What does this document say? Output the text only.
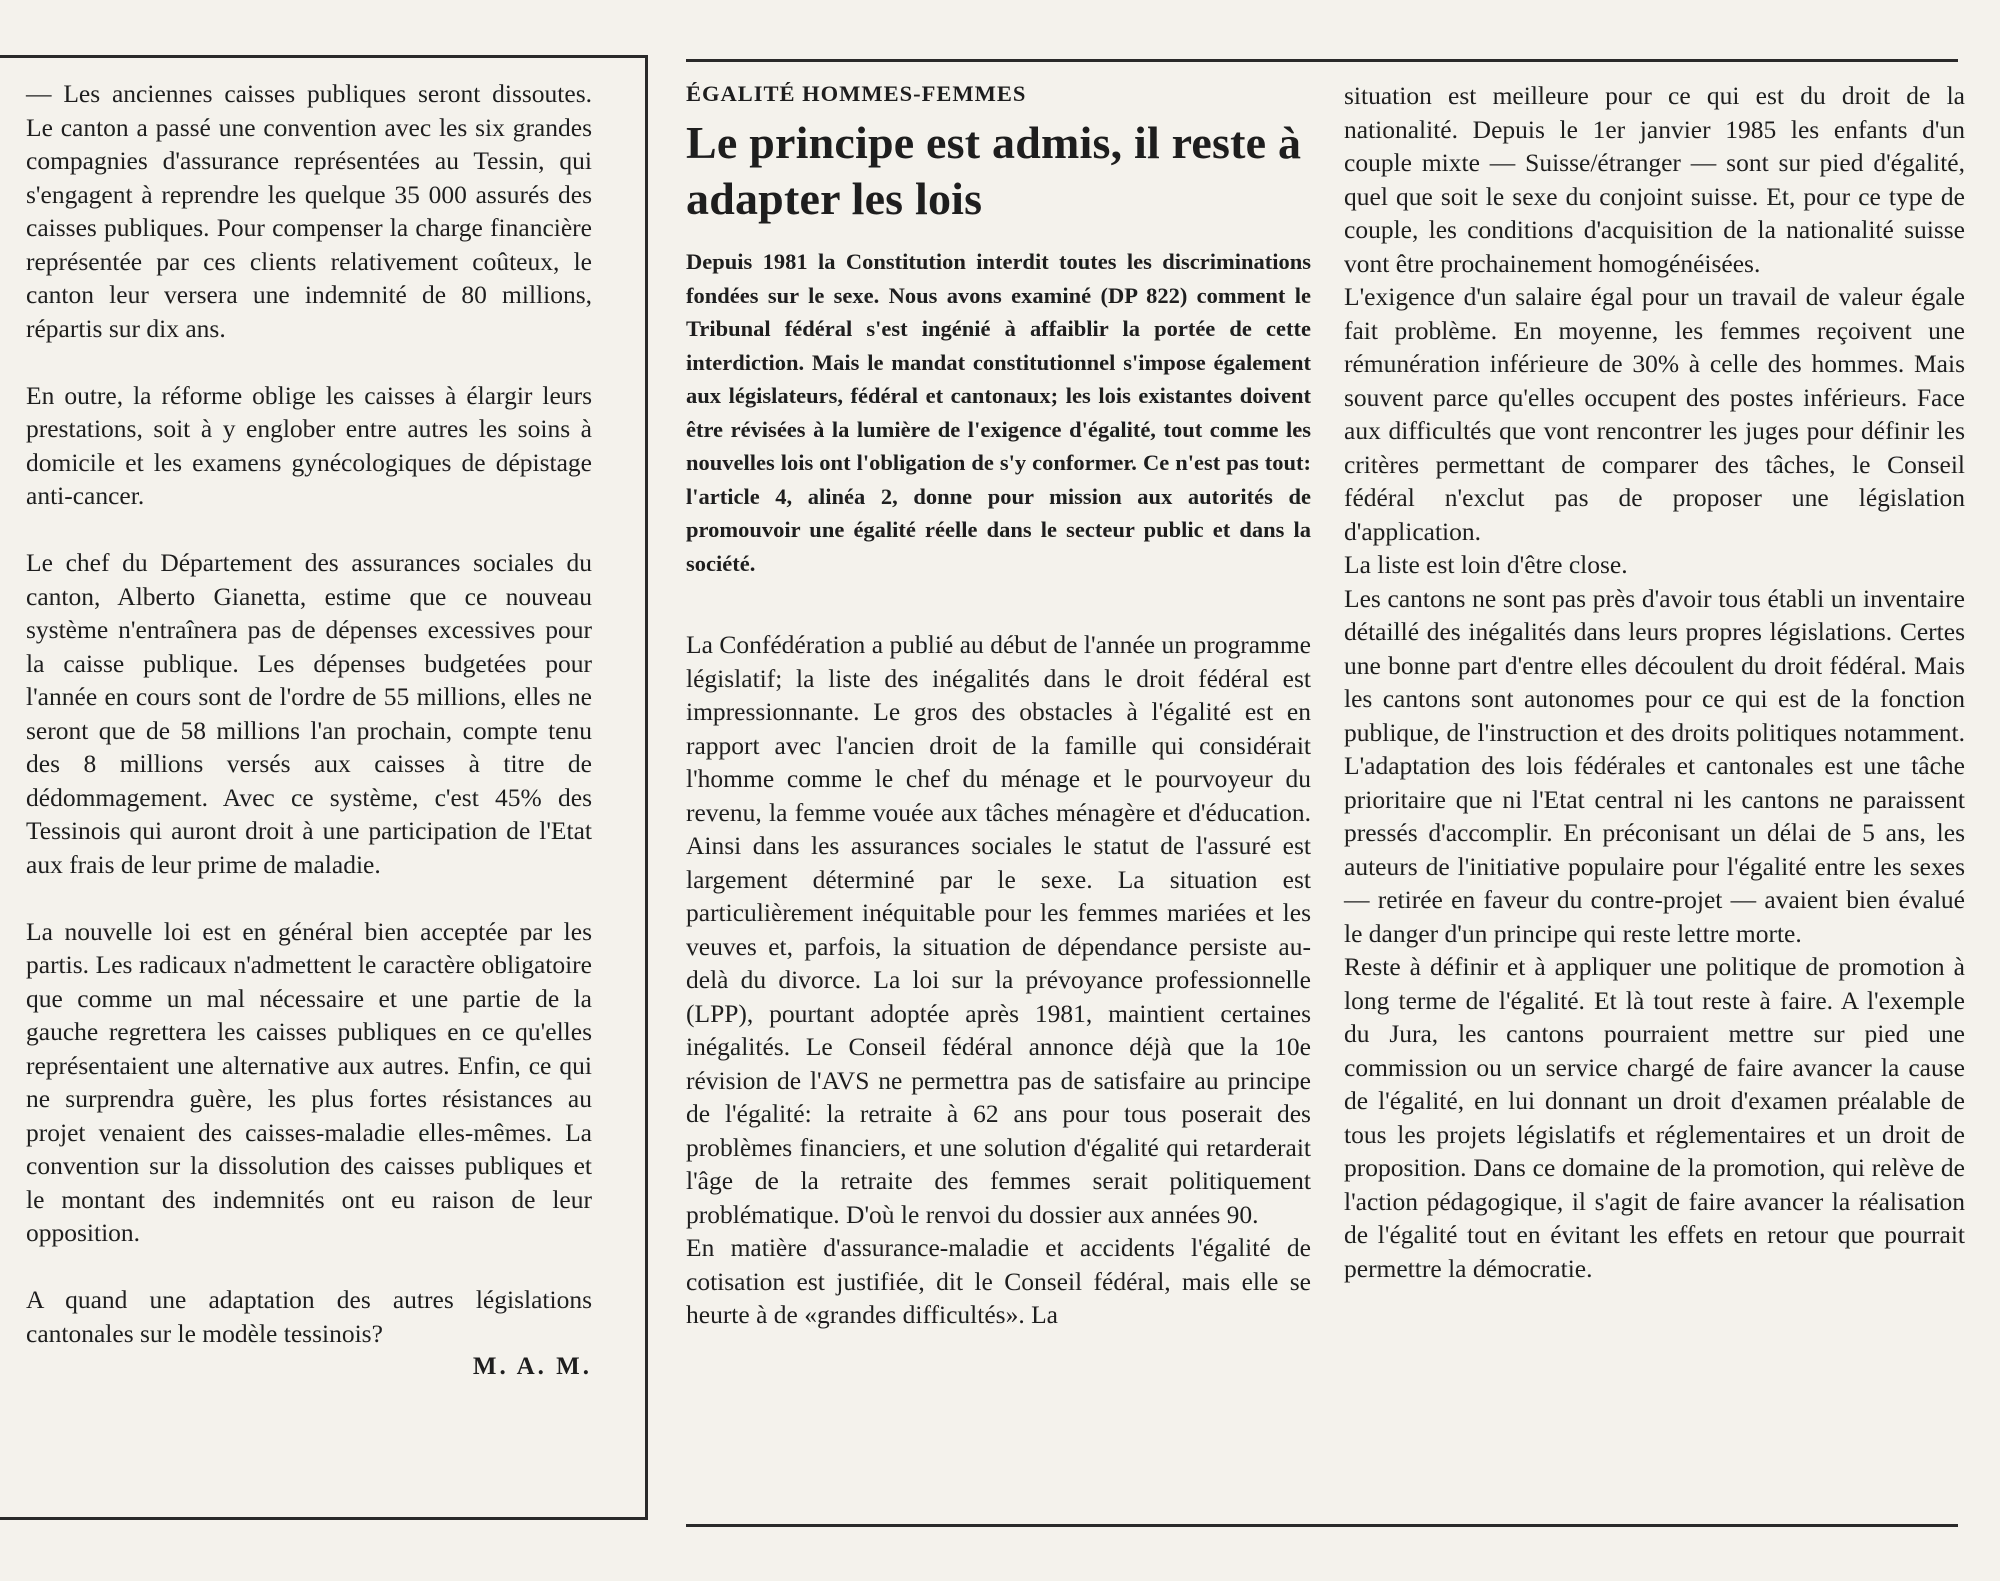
— Les anciennes caisses publiques seront dissoutes. Le canton a passé une convention avec les six grandes compagnies d'assurance représentées au Tessin, qui s'engagent à reprendre les quelque 35 000 assurés des caisses publiques. Pour compenser la charge financière représentée par ces clients relativement coûteux, le canton leur versera une indemnité de 80 millions, répartis sur dix ans.

En outre, la réforme oblige les caisses à élargir leurs prestations, soit à y englober entre autres les soins à domicile et les examens gynécologiques de dépistage anti-cancer.

Le chef du Département des assurances sociales du canton, Alberto Gianetta, estime que ce nouveau système n'entraînera pas de dépenses excessives pour la caisse publique. Les dépenses budgetées pour l'année en cours sont de l'ordre de 55 millions, elles ne seront que de 58 millions l'an prochain, compte tenu des 8 millions versés aux caisses à titre de dédommagement. Avec ce système, c'est 45% des Tessinois qui auront droit à une participation de l'Etat aux frais de leur prime de maladie.

La nouvelle loi est en général bien acceptée par les partis. Les radicaux n'admettent le caractère obligatoire que comme un mal nécessaire et une partie de la gauche regrettera les caisses publiques en ce qu'elles représentaient une alternative aux autres. Enfin, ce qui ne surprendra guère, les plus fortes résistances au projet venaient des caisses-maladie elles-mêmes. La convention sur la dissolution des caisses publiques et le montant des indemnités ont eu raison de leur opposition.

A quand une adaptation des autres législations cantonales sur le modèle tessinois?

M. A. M.
ÉGALITÉ HOMMES-FEMMES
Le principe est admis, il reste à adapter les lois

Depuis 1981 la Constitution interdit toutes les discriminations fondées sur le sexe. Nous avons examiné (DP 822) comment le Tribunal fédéral s'est ingénié à affaiblir la portée de cette interdiction. Mais le mandat constitutionnel s'impose également aux législateurs, fédéral et cantonaux; les lois existantes doivent être révisées à la lumière de l'exigence d'égalité, tout comme les nouvelles lois ont l'obligation de s'y conformer. Ce n'est pas tout: l'article 4, alinéa 2, donne pour mission aux autorités de promouvoir une égalité réelle dans le secteur public et dans la société.

La Confédération a publié au début de l'année un programme législatif; la liste des inégalités dans le droit fédéral est impressionnante. Le gros des obstacles à l'égalité est en rapport avec l'ancien droit de la famille qui considérait l'homme comme le chef du ménage et le pourvoyeur du revenu, la femme vouée aux tâches ménagère et d'éducation. Ainsi dans les assurances sociales le statut de l'assuré est largement déterminé par le sexe. La situation est particulièrement inéquitable pour les femmes mariées et les veuves et, parfois, la situation de dépendance persiste au-delà du divorce. La loi sur la prévoyance professionnelle (LPP), pourtant adoptée après 1981, maintient certaines inégalités. Le Conseil fédéral annonce déjà que la 10e révision de l'AVS ne permettra pas de satisfaire au principe de l'égalité: la retraite à 62 ans pour tous poserait des problèmes financiers, et une solution d'égalité qui retarderait l'âge de la retraite des femmes serait politiquement problématique. D'où le renvoi du dossier aux années 90.

En matière d'assurance-maladie et accidents l'égalité de cotisation est justifiée, dit le Conseil fédéral, mais elle se heurte à de «grandes difficultés». La

situation est meilleure pour ce qui est du droit de la nationalité. Depuis le 1er janvier 1985 les enfants d'un couple mixte — Suisse/étranger — sont sur pied d'égalité, quel que soit le sexe du conjoint suisse. Et, pour ce type de couple, les conditions d'acquisition de la nationalité suisse vont être prochainement homogénéisées.

L'exigence d'un salaire égal pour un travail de valeur égale fait problème. En moyenne, les femmes reçoivent une rémunération inférieure de 30% à celle des hommes. Mais souvent parce qu'elles occupent des postes inférieurs. Face aux difficultés que vont rencontrer les juges pour définir les critères permettant de comparer des tâches, le Conseil fédéral n'exclut pas de proposer une législation d'application.

La liste est loin d'être close.

Les cantons ne sont pas près d'avoir tous établi un inventaire détaillé des inégalités dans leurs propres législations. Certes une bonne part d'entre elles découlent du droit fédéral. Mais les cantons sont autonomes pour ce qui est de la fonction publique, de l'instruction et des droits politiques notamment. L'adaptation des lois fédérales et cantonales est une tâche prioritaire que ni l'Etat central ni les cantons ne paraissent pressés d'accomplir. En préconisant un délai de 5 ans, les auteurs de l'initiative populaire pour l'égalité entre les sexes — retirée en faveur du contre-projet — avaient bien évalué le danger d'un principe qui reste lettre morte.

Reste à définir et à appliquer une politique de promotion à long terme de l'égalité. Et là tout reste à faire. A l'exemple du Jura, les cantons pourraient mettre sur pied une commission ou un service chargé de faire avancer la cause de l'égalité, en lui donnant un droit d'examen préalable de tous les projets législatifs et réglementaires et un droit de proposition. Dans ce domaine de la promotion, qui relève de l'action pédagogique, il s'agit de faire avancer la réalisation de l'égalité tout en évitant les effets en retour que pourrait permettre la démocratie.
